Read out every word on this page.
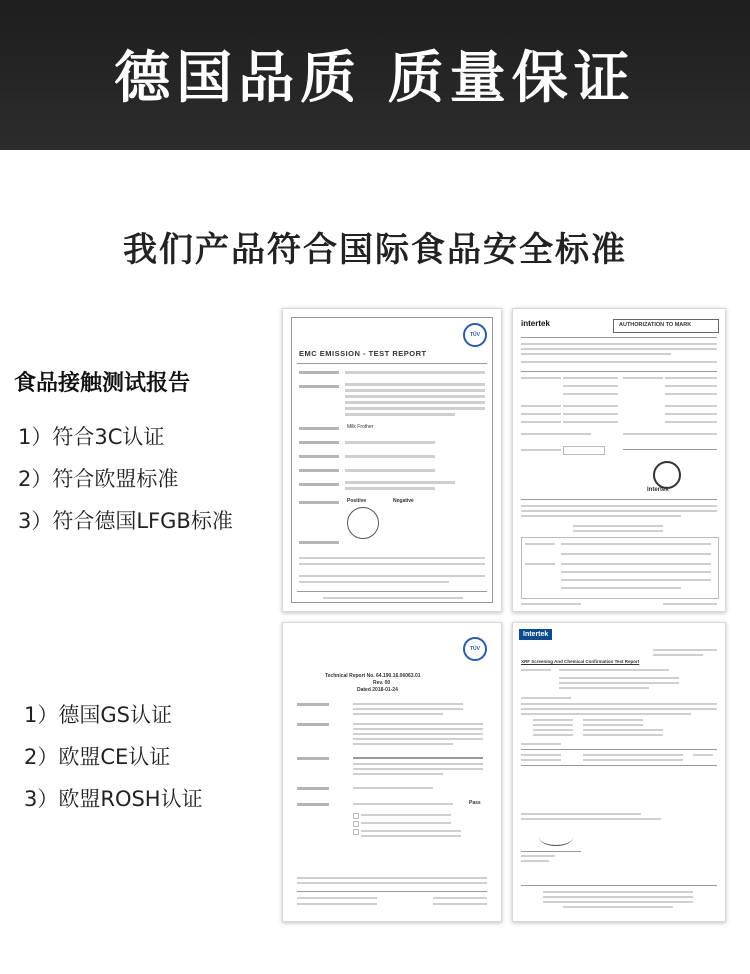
德国品质 质量保证
我们产品符合国际食品安全标准
食品接触测试报告
1）符合3C认证
2）符合欧盟标准
3）符合德国LFGB标准
1）德国GS认证
2）欧盟CE认证
3）欧盟ROSH认证
TÜV
EMC EMISSION - TEST REPORT
Milk Frother
Positive	Negative
intertek	AUTHORIZATION TO MARK
Intertek
TÜV
Technical Report No. 64.190.16.06063.01
Rev. 00
Dated 2018-01-24
Pass
Intertek
XRF Screening And Chemical Confirmation Test Report
